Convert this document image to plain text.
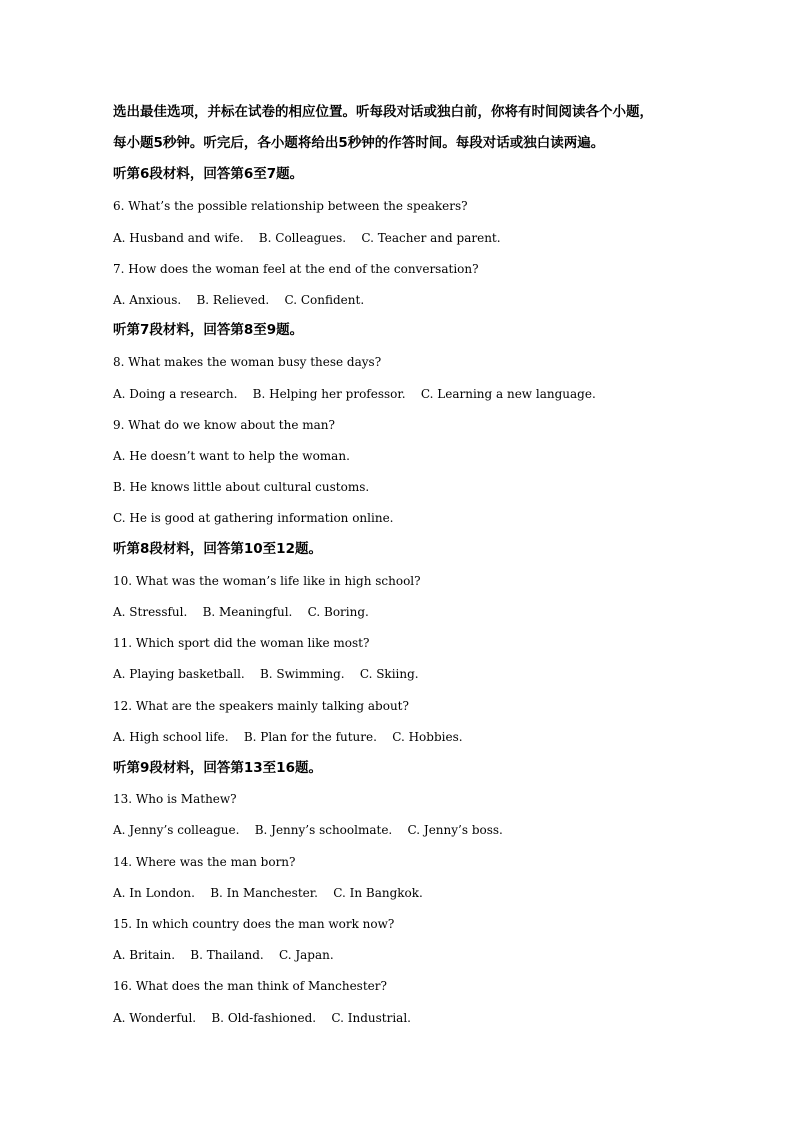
选出最佳选项，并标在试卷的相应位置。听每段对话或独白前，你将有时间阅读各个小题，
每小题5秒钟。听完后，各小题将给出5秒钟的作答时间。每段对话或独白读两遍。
听第6段材料，回答第6至7题。
6. What’s the possible relationship between the speakers?
A. Husband and wife.    B. Colleagues.    C. Teacher and parent.
7. How does the woman feel at the end of the conversation?
A. Anxious.    B. Relieved.    C. Confident.
听第7段材料，回答第8至9题。
8. What makes the woman busy these days?
A. Doing a research.    B. Helping her professor.    C. Learning a new language.
9. What do we know about the man?
A. He doesn’t want to help the woman.
B. He knows little about cultural customs.
C. He is good at gathering information online.
听第8段材料，回答第10至12题。
10. What was the woman’s life like in high school?
A. Stressful.    B. Meaningful.    C. Boring.
11. Which sport did the woman like most?
A. Playing basketball.    B. Swimming.    C. Skiing.
12. What are the speakers mainly talking about?
A. High school life.    B. Plan for the future.    C. Hobbies.
听第9段材料，回答第13至16题。
13. Who is Mathew?
A. Jenny’s colleague.    B. Jenny’s schoolmate.    C. Jenny’s boss.
14. Where was the man born?
A. In London.    B. In Manchester.    C. In Bangkok.
15. In which country does the man work now?
A. Britain.    B. Thailand.    C. Japan.
16. What does the man think of Manchester?
A. Wonderful.    B. Old-fashioned.    C. Industrial.
